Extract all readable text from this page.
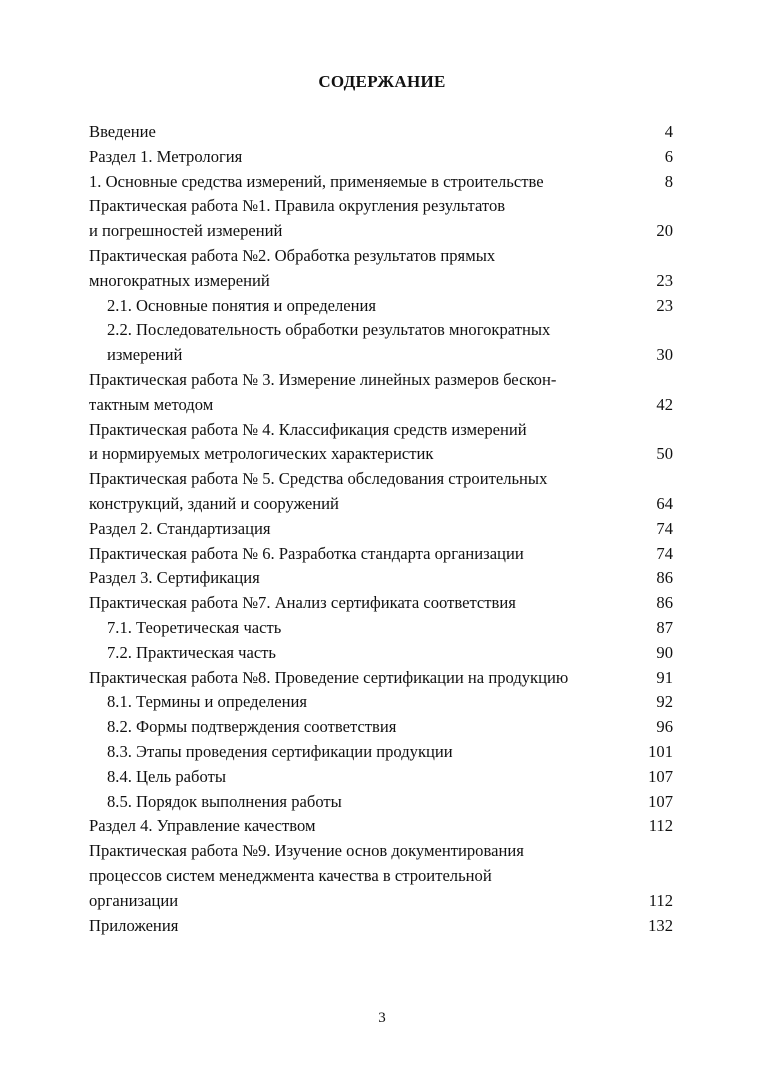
СОДЕРЖАНИЕ
Введение	4
Раздел 1. Метрология	6
1. Основные средства измерений, применяемые в строительстве	8
Практическая работа №1. Правила округления результатов
и погрешностей измерений	20
Практическая работа №2. Обработка результатов прямых
многократных измерений	23
2.1. Основные понятия и определения	23
2.2. Последовательность обработки результатов многократных
измерений	30
Практическая работа № 3. Измерение линейных размеров бескон-
тактным методом	42
Практическая работа № 4. Классификация средств измерений
и нормируемых метрологических характеристик	50
Практическая работа № 5. Средства обследования строительных
конструкций, зданий и сооружений	64
Раздел 2. Стандартизация	74
Практическая работа № 6. Разработка стандарта организации	74
Раздел 3. Сертификация	86
Практическая работа №7. Анализ сертификата соответствия	86
7.1. Теоретическая часть	87
7.2. Практическая часть	90
Практическая работа №8. Проведение сертификации на продукцию	91
8.1. Термины и определения	92
8.2. Формы подтверждения соответствия	96
8.3. Этапы проведения сертификации продукции	101
8.4. Цель работы	107
8.5. Порядок выполнения работы	107
Раздел 4. Управление качеством	112
Практическая работа №9. Изучение основ документирования
процессов систем менеджмента качества в строительной
организации	112
Приложения	132
3
